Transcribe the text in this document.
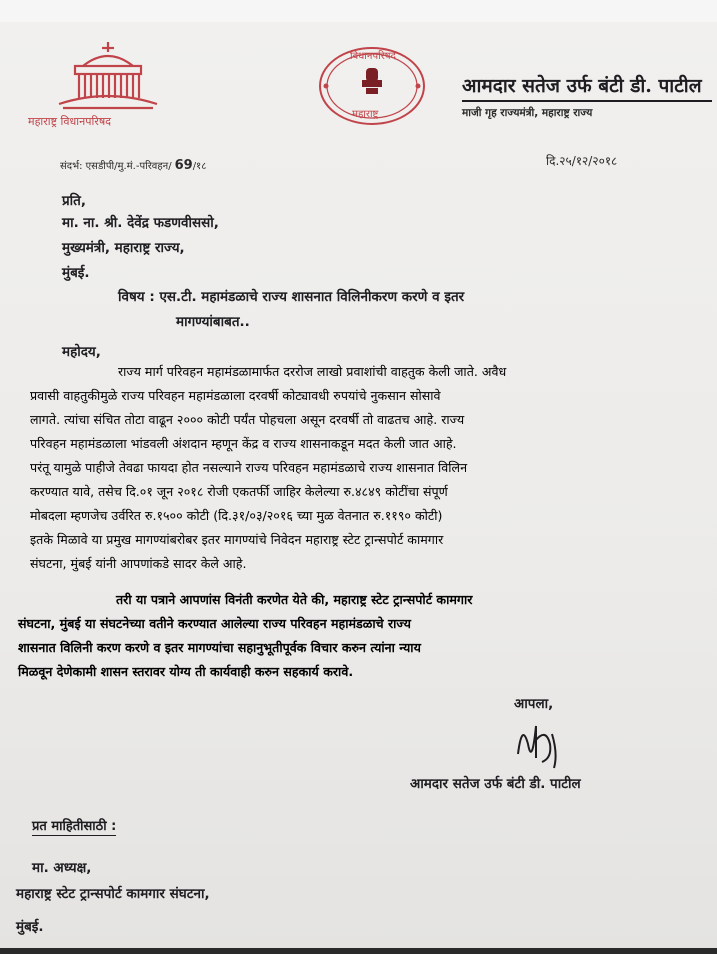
महाराष्ट्र विधानपरिषद
विधानपरिषद
महाराष्ट्र
आमदार सतेज उर्फ बंटी डी. पाटील
माजी गृह राज्यमंत्री, महाराष्ट्र राज्य
संदर्भ: एसडीपी/मु.मं.-परिवहन/ 69/१८	दि.२५/१२/२०१८
प्रति,
मा. ना. श्री. देवेंद्र फडणवीससो,
मुख्यमंत्री, महाराष्ट्र राज्य,
मुंबई.
विषय : एस.टी. महामंडळाचे राज्य शासनात विलिनीकरण करणे व इतर
मागण्यांबाबत..
महोदय,

राज्य मार्ग परिवहन महामंडळामार्फत दररोज लाखो प्रवाशांची वाहतुक केली जाते. अवैध

प्रवासी वाहतुकीमुळे राज्य परिवहन महामंडळाला दरवर्षी कोट्यावधी रुपयांचे नुकसान सोसावे

लागते. त्यांचा संचित तोटा वाढून २००० कोटी पर्यंत पोहचला असून दरवर्षी तो वाढतच आहे. राज्य

परिवहन महामंडळाला भांडवली अंशदान म्हणून केंद्र व राज्य शासनाकडून मदत केली जात आहे.

परंतू यामुळे पाहीजे तेवढा फायदा होत नसल्याने राज्य परिवहन महामंडळाचे राज्य शासनात विलिन

करण्यात यावे, तसेच दि.०१ जून २०१८ रोजी एकतर्फी जाहिर केलेल्या रु.४८४९ कोटींचा संपूर्ण

मोबदला म्हणजेच उर्वरित रु.१५०० कोटी (दि.३१/०३/२०१६ च्या मुळ वेतनात रु.११९० कोटी)

इतके मिळावे या प्रमुख मागण्यांबरोबर इतर मागण्यांचे निवेदन महाराष्ट्र स्टेट ट्रान्सपोर्ट कामगार

संघटना, मुंबई यांनी आपणांकडे सादर केले आहे.

तरी या पत्राने आपणांस विनंती करणेत येते की, महाराष्ट्र स्टेट ट्रान्सपोर्ट कामगार

संघटना, मुंबई या संघटनेच्या वतीने करण्यात आलेल्या राज्य परिवहन महामंडळाचे राज्य

शासनात विलिनी करण करणे व इतर मागण्यांचा सहानुभूतीपूर्वक विचार करुन त्यांना न्याय

मिळवून देणेकामी शासन स्तरावर योग्य ती कार्यवाही करुन सहकार्य करावे.

आपला,
आमदार सतेज उर्फ बंटी डी. पाटील
प्रत माहितीसाठी :
मा. अध्यक्ष,
महाराष्ट्र स्टेट ट्रान्सपोर्ट कामगार संघटना,
मुंबई.
